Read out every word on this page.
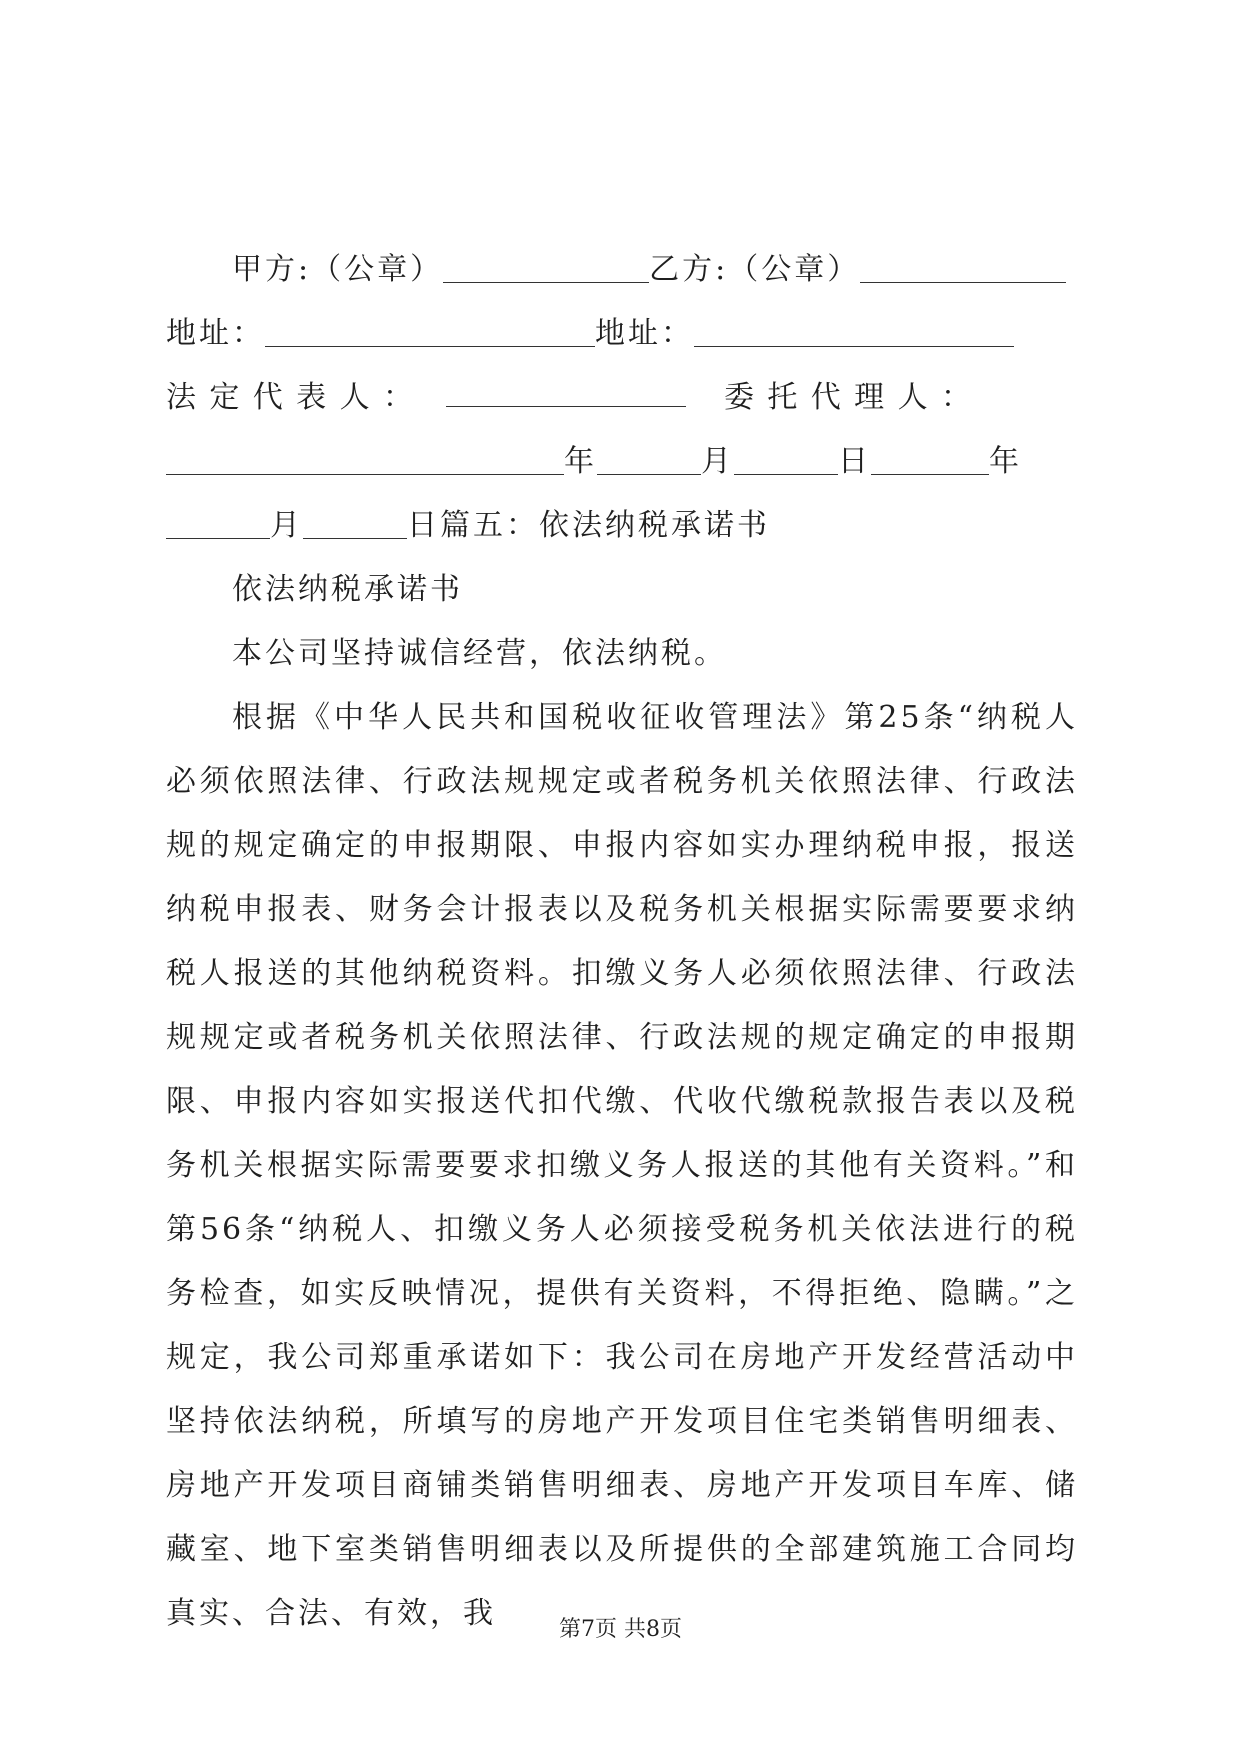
甲方:（公章）	乙方:（公章）
地址：	地址：
法 定 代 表 人 ：	委 托 代 理 人 ：
年	月	日	年
月	日篇五：依法纳税承诺书
依法纳税承诺书
本公司坚持诚信经营，依法纳税。

根据《中华人民共和国税收征收管理法》第25条“纳税人必须依照法律、行政法规规定或者税务机关依照法律、行政法规的规定确定的申报期限、申报内容如实办理纳税申报，报送纳税申报表、财务会计报表以及税务机关根据实际需要要求纳税人报送的其他纳税资料。扣缴义务人必须依照法律、行政法规规定或者税务机关依照法律、行政法规的规定确定的申报期限、申报内容如实报送代扣代缴、代收代缴税款报告表以及税务机关根据实际需要要求扣缴义务人报送的其他有关资料。”和第56条“纳税人、扣缴义务人必须接受税务机关依法进行的税务检查，如实反映情况，提供有关资料，不得拒绝、隐瞒。”之规定，我公司郑重承诺如下：我公司在房地产开发经营活动中坚持依法纳税，所填写的房地产开发项目住宅类销售明细表、房地产开发项目商铺类销售明细表、房地产开发项目车库、储藏室、地下室类销售明细表以及所提供的全部建筑施工合同均真实、合法、有效，我	第7页 共8页
